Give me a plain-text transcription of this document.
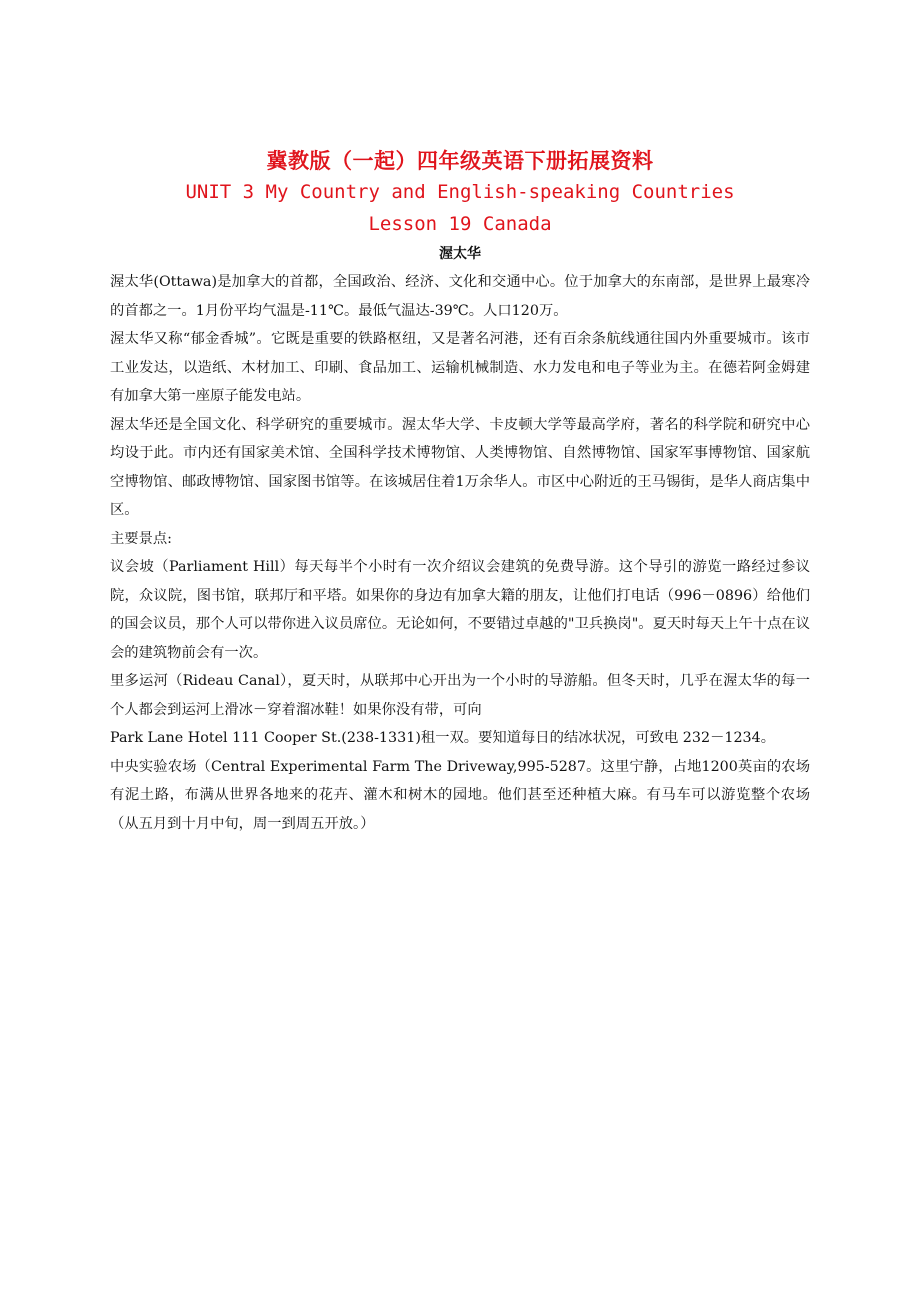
冀教版（一起）四年级英语下册拓展资料
UNIT 3 My Country and English-speaking Countries
Lesson 19 Canada
渥太华

渥太华(Ottawa)是加拿大的首都，全国政治、经济、文化和交通中心。位于加拿大的东南部，是世界上最寒冷的首都之一。1月份平均气温是-11℃。最低气温达-39℃。人口120万。

渥太华又称“郁金香城”。它既是重要的铁路枢纽，又是著名河港，还有百余条航线通往国内外重要城市。该市工业发达，以造纸、木材加工、印刷、食品加工、运输机械制造、水力发电和电子等业为主。在德若阿金姆建有加拿大第一座原子能发电站。

渥太华还是全国文化、科学研究的重要城市。渥太华大学、卡皮顿大学等最高学府，著名的科学院和研究中心均设于此。市内还有国家美术馆、全国科学技术博物馆、人类博物馆、自然博物馆、国家军事博物馆、国家航空博物馆、邮政博物馆、国家图书馆等。在该城居住着1万余华人。市区中心附近的王马锡街，是华人商店集中区。

主要景点:

议会坡（Parliament Hill）每天每半个小时有一次介绍议会建筑的免费导游。这个导引的游览一路经过参议院，众议院，图书馆，联邦厅和平塔。如果你的身边有加拿大籍的朋友，让他们打电话（996－0896）给他们的国会议员，那个人可以带你进入议员席位。无论如何，不要错过卓越的"卫兵换岗"。夏天时每天上午十点在议会的建筑物前会有一次。

里多运河（Rideau Canal），夏天时，从联邦中心开出为一个小时的导游船。但冬天时，几乎在渥太华的每一个人都会到运河上滑冰－穿着溜冰鞋！如果你没有带，可向

Park Lane Hotel 111 Cooper St.(238-1331)租一双。要知道每日的结冰状况，可致电 232－1234。

中央实验农场（Central Experimental Farm The Driveway,995-5287。这里宁静，占地1200英亩的农场有泥土路，布满从世界各地来的花卉、灌木和树木的园地。他们甚至还种植大麻。有马车可以游览整个农场（从五月到十月中旬，周一到周五开放。）
